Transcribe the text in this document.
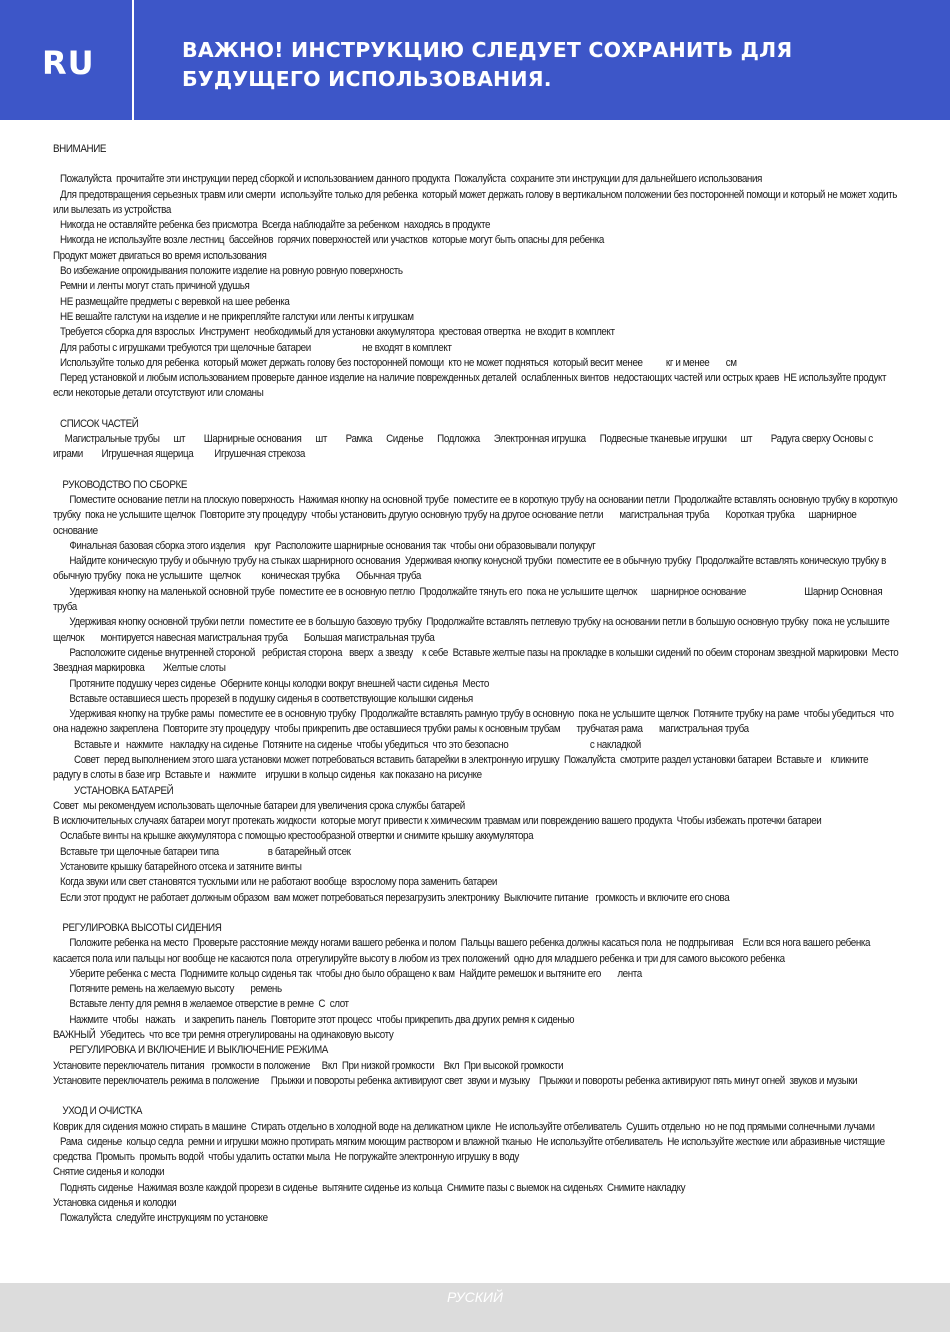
RU	ВАЖНО! ИНСТРУКЦИЮ СЛЕДУЕТ СОХРАНИТЬ ДЛЯ БУДУЩЕГО ИСПОЛЬЗОВАНИЯ.

ВНИМАНИЕ

Пожалуйста  прочитайте эти инструкции перед сборкой и использованием данного продукта  Пожалуйста  сохраните эти инструкции для дальнейшего использования

Для предотвращения серьезных травм или смерти  используйте только для ребенка  который может держать голову в вертикальном положении без посторонней помощи и который не может ходить или вылезать из устройства

Никогда не оставляйте ребенка без присмотра  Всегда наблюдайте за ребенком  находясь в продукте

Никогда не используйте возле лестниц  бассейнов  горячих поверхностей или участков  которые могут быть опасны для ребенка

Продукт может двигаться во время использования

Во избежание опрокидывания положите изделие на ровную ровную поверхность

Ремни и ленты могут стать причиной удушья

НЕ размещайте предметы с веревкой на шее ребенка

НЕ вешайте галстуки на изделие и не прикрепляйте галстуки или ленты к игрушкам

Требуется сборка для взрослых  Инструмент  необходимый для установки аккумулятора  крестовая отвертка  не входит в комплект

Для работы с игрушками требуются три щелочные батареи                      не входят в комплект

Используйте только для ребенка  который может держать голову без посторонней помощи  кто не может подняться  который весит менее          кг и менее       см

Перед установкой и любым использованием проверьте данное изделие на наличие поврежденных деталей  ослабленных винтов  недостающих частей или острых краев  НЕ используйте продукт  если некоторые детали отсутствуют или сломаны

СПИСОК ЧАСТЕЙ

Магистральные трубы      шт        Шарнирные основания      шт        Рамка      Сиденье      Подложка      Электронная игрушка      Подвесные тканевые игрушки      шт        Радуга сверху Основы с играми        Игрушечная ящерица         Игрушечная стрекоза

РУКОВОДСТВО ПО СБОРКЕ

Поместите основание петли на плоскую поверхность  Нажимая кнопку на основной трубе  поместите ее в короткую трубу на основании петли  Продолжайте вставлять основную трубку в короткую трубку  пока не услышите щелчок  Повторите эту процедуру  чтобы установить другую основную трубу на другое основание петли       магистральная труба       Короткая трубка      шарнирное основание

Финальная базовая сборка этого изделия    круг  Расположите шарнирные основания так  чтобы они образовывали полукруг

Найдите коническую трубу и обычную трубу на стыках шарнирного основания  Удерживая кнопку конусной трубки  поместите ее в обычную трубку  Продолжайте вставлять коническую трубку в обычную трубку  пока не услышите   щелчок         коническая трубка       Обычная труба

Удерживая кнопку на маленькой основной трубе  поместите ее в основную петлю  Продолжайте тянуть его  пока не услышите щелчок      шарнирное основание                         Шарнир Основная труба

Удерживая кнопку основной трубки петли  поместите ее в большую базовую трубку  Продолжайте вставлять петлевую трубку на основании петли в большую основную трубку  пока не услышите щелчок       монтируется навесная магистральная труба       Большая магистральная труба

Расположите сиденье внутренней стороной   ребристая сторона   вверх  а звезду    к себе  Вставьте желтые пазы на прокладке в колышки сидений по обеим сторонам звездной маркировки  Место                  Звездная маркировка        Желтые слоты

Протяните подушку через сиденье  Оберните концы колодки вокруг внешней части сиденья  Место

Вставьте оставшиеся шесть прорезей в подушку сиденья в соответствующие колышки сиденья

Удерживая кнопку на трубке рамы  поместите ее в основную трубку  Продолжайте вставлять рамную трубу в основную  пока не услышите щелчок  Потяните трубку на раме  чтобы убедиться  что она надежно закреплена  Повторите эту процедуру  чтобы прикрепить две оставшиеся трубки рамы к основным трубам       трубчатая рама       магистральная труба

Вставьте и   нажмите   накладку на сиденье  Потяните на сиденье  чтобы убедиться  что это безопасно                                   с накладкой

Совет  перед выполнением этого шага установки может потребоваться вставить батарейки в электронную игрушку  Пожалуйста  смотрите раздел установки батареи  Вставьте и    кликните    радугу в слоты в базе игр  Вставьте и    нажмите    игрушки в кольцо сиденья  как показано на рисунке

УСТАНОВКА БАТАРЕЙ

Совет  мы рекомендуем использовать щелочные батареи для увеличения срока службы батарей

В исключительных случаях батареи могут протекать жидкости  которые могут привести к химическим травмам или повреждению вашего продукта  Чтобы избежать протечки батареи

Ослабьте винты на крышке аккумулятора с помощью крестообразной отвертки и снимите крышку аккумулятора

Вставьте три щелочные батареи типа                     в батарейный отсек

Установите крышку батарейного отсека и затяните винты

Когда звуки или свет становятся тусклыми или не работают вообще  взрослому пора заменить батареи

Если этот продукт не работает должным образом  вам может потребоваться перезагрузить электронику  Выключите питание   громкость и включите его снова

РЕГУЛИРОВКА ВЫСОТЫ СИДЕНИЯ

Положите ребенка на место  Проверьте расстояние между ногами вашего ребенка и полом  Пальцы вашего ребенка должны касаться пола  не подпрыгивая    Если вся нога вашего ребенка касается пола или пальцы ног вообще не касаются пола  отрегулируйте высоту в любом из трех положений  одно для младшего ребенка и три для самого высокого ребенка

Уберите ребенка с места  Поднимите кольцо сиденья так  чтобы дно было обращено к вам  Найдите ремешок и вытяните его       лента

Потяните ремень на желаемую высоту       ремень

Вставьте ленту для ремня в желаемое отверстие в ремне  С  слот

Нажмите  чтобы   нажать    и закрепить панель  Повторите этот процесс  чтобы прикрепить два других ремня к сиденью

ВАЖНЫЙ  Убедитесь  что все три ремня отрегулированы на одинаковую высоту

РЕГУЛИРОВКА И ВКЛЮЧЕНИЕ И ВЫКЛЮЧЕНИЕ РЕЖИМА

Установите переключатель питания   громкости в положение     Вкл  При низкой громкости    Вкл  При высокой громкости

Установите переключатель режима в положение     Прыжки и повороты ребенка активируют свет  звуки и музыку    Прыжки и повороты ребенка активируют пять минут огней  звуков и музыки

УХОД И ОЧИСТКА

Коврик для сидения можно стирать в машине  Стирать отдельно в холодной воде на деликатном цикле  Не используйте отбеливатель  Сушить отдельно  но не под прямыми солнечными лучами

Рама  сиденье  кольцо седла  ремни и игрушки можно протирать мягким моющим раствором и влажной тканью  Не используйте отбеливатель  Не используйте жесткие или абразивные чистящие средства  Промыть  промыть водой  чтобы удалить остатки мыла  Не погружайте электронную игрушку в воду

Снятие сиденья и колодки

Поднять сиденье  Нажимая возле каждой прорези в сиденье  вытяните сиденье из кольца  Снимите пазы с выемок на сиденьях  Снимите накладку

Установка сиденья и колодки

Пожалуйста  следуйте инструкциям по установке

РУСКИЙ
